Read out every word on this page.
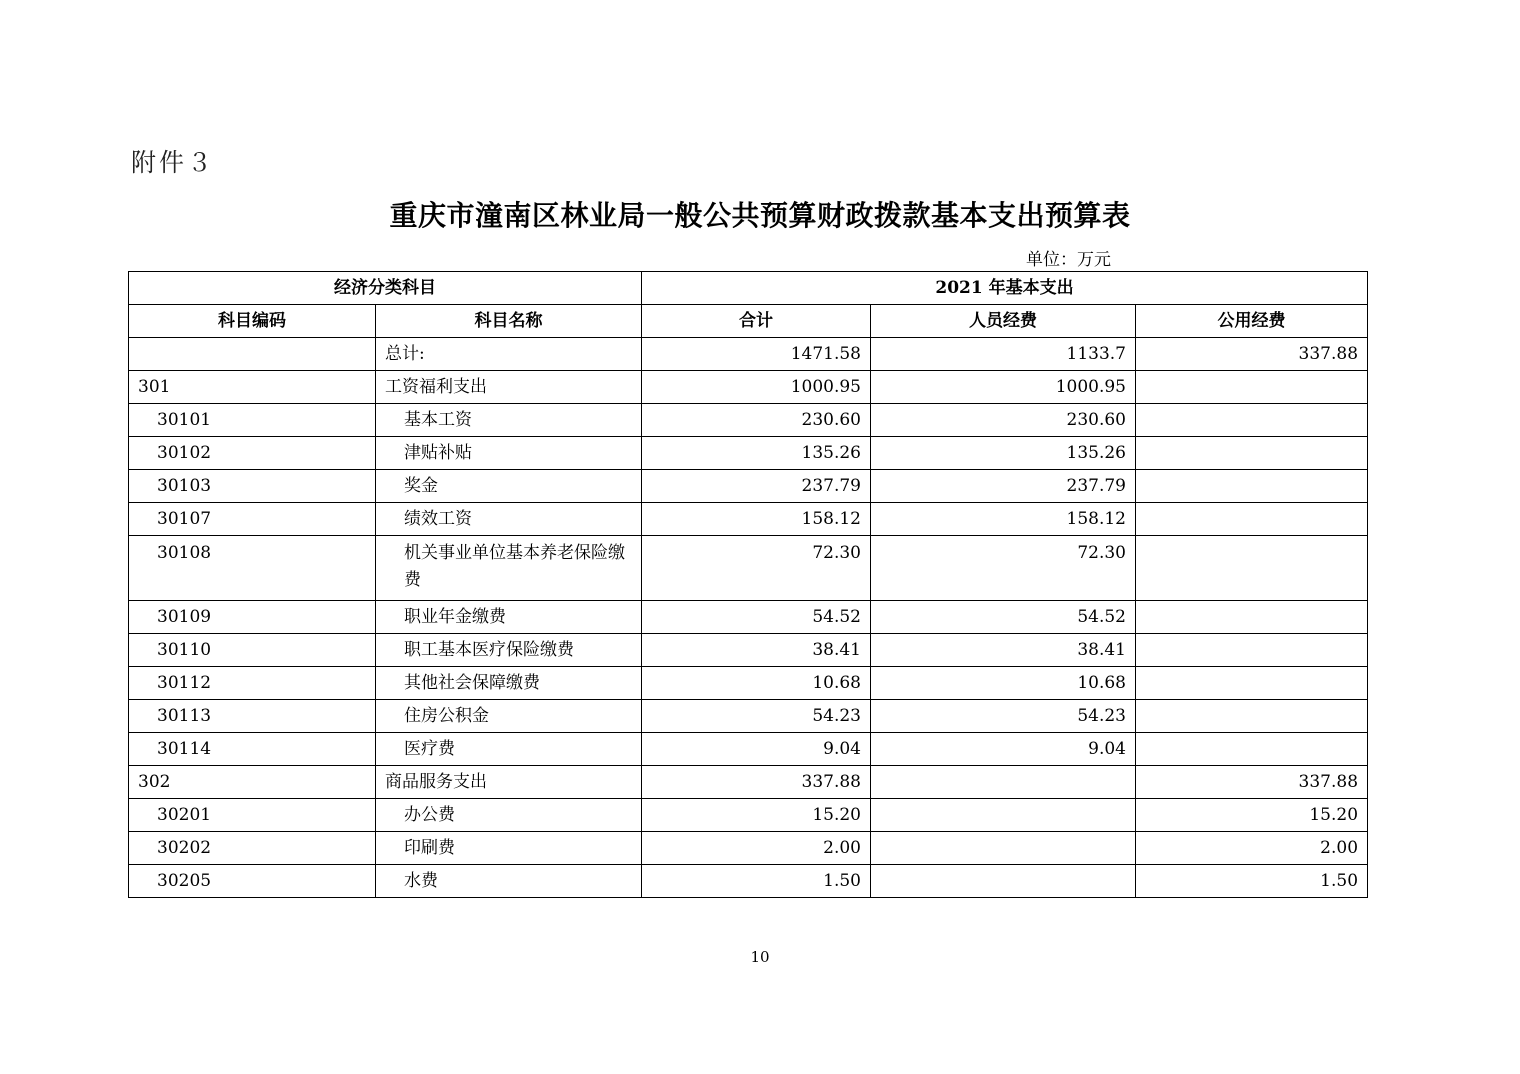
附件３
重庆市潼南区林业局一般公共预算财政拨款基本支出预算表
单位：万元
经济分类科目		2021 年基本支出		
科目编码	科目名称	合计	人员经费	公用经费
	总计:	1471.58	1133.7	337.88
301	工资福利支出	1000.95	1000.95	
30101	基本工资	230.60	230.60	
30102	津贴补贴	135.26	135.26	
30103	奖金	237.79	237.79	
30107	绩效工资	158.12	158.12	
30108	机关事业单位基本养老保险缴费	72.30	72.30	
30109	职业年金缴费	54.52	54.52	
30110	职工基本医疗保险缴费	38.41	38.41	
30112	其他社会保障缴费	10.68	10.68	
30113	住房公积金	54.23	54.23	
30114	医疗费	9.04	9.04	
302	商品服务支出	337.88		337.88
30201	办公费	15.20		15.20
30202	印刷费	2.00		2.00
30205	水费	1.50		1.50
10
